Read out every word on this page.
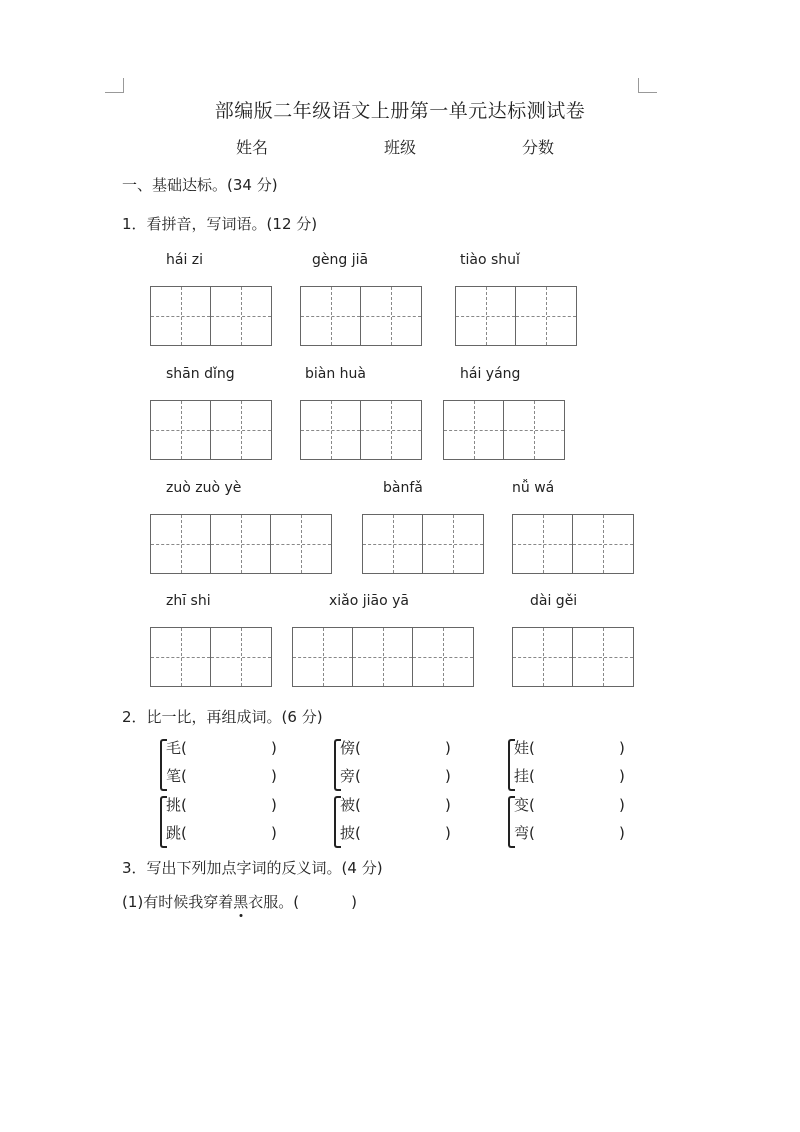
部编版二年级语文上册第一单元达标测试卷
姓名	班级	分数
一、基础达标。(34 分)
1．看拼音，写词语。(12 分)
hái zi	gèng jiā	tiào shuǐ
shān dǐng	biàn huà	hái yáng
zuò zuò yè	bànfǎ	nǚ wá
zhī shi	xiǎo jiāo yā	dài gěi
2．比一比，再组成词。(6 分)
毛(	)
笔(	)
傍(	)
旁(	)
娃(	)
挂(	)
挑(	)
跳(	)
被(	)
披(	)
变(	)
弯(	)
3．写出下列加点字词的反义词。(4 分)
(1)有时候我穿着黑衣服。(	)
